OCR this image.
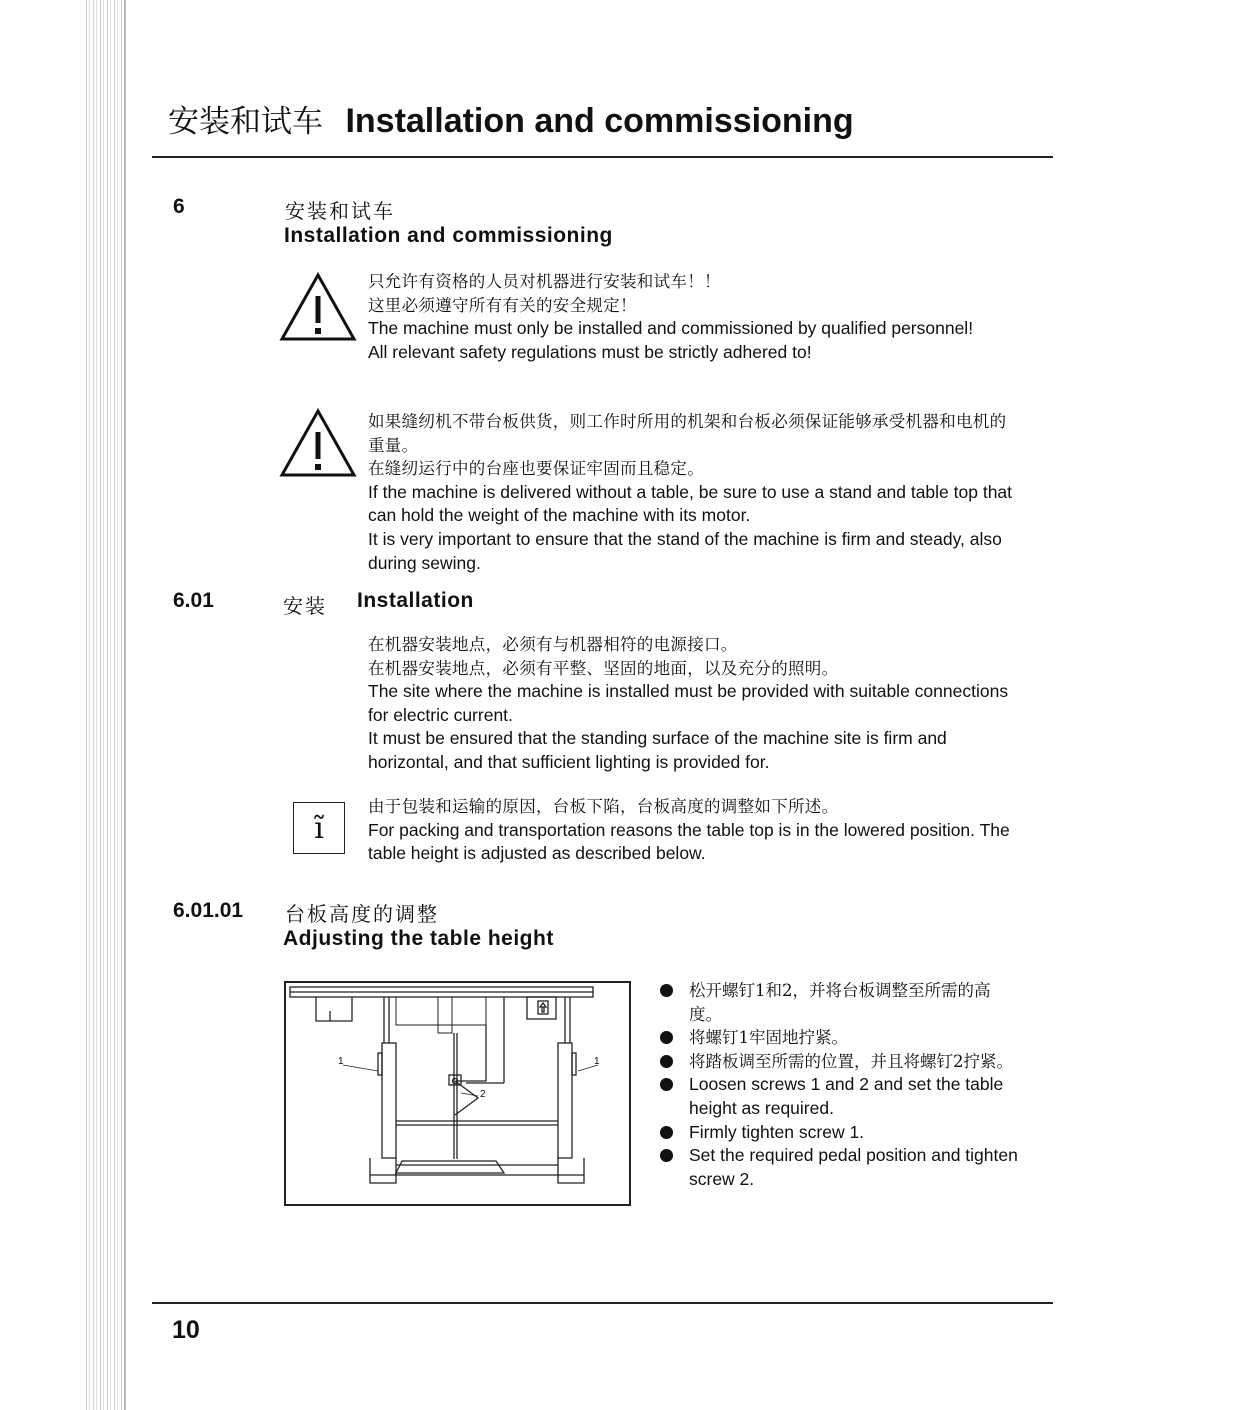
安装和试车 Installation and commissioning
6	安装和试车
Installation and commissioning
只允许有资格的人员对机器进行安装和试车！！
这里必须遵守所有有关的安全规定！
The machine must only be installed and commissioned by qualified personnel!
All relevant safety regulations must be strictly adhered to!
如果缝纫机不带台板供货，则工作时所用的机架和台板必须保证能够承受机器和电机的重量。
在缝纫运行中的台座也要保证牢固而且稳定。
If the machine is delivered without a table, be sure to use a stand and table top that can hold the weight of the machine with its motor.
It is very important to ensure that the stand of the machine is firm and steady, also during sewing.
6.01	安装 Installation
在机器安装地点，必须有与机器相符的电源接口。
在机器安装地点，必须有平整、坚固的地面，以及充分的照明。
The site where the machine is installed must be provided with suitable connections for electric current.
It must be ensured that the standing surface of the machine site is firm and horizontal, and that sufficient lighting is provided for.
ĩ
由于包装和运输的原因，台板下陷，台板高度的调整如下所述。
For packing and transportation reasons the table top is in the lowered position. The table height is adjusted as described below.
6.01.01 台板高度的调整
Adjusting the table height
1	1
2
松开螺钉1和2，并将台板调整至所需的高度。
将螺钉1牢固地拧紧。
将踏板调至所需的位置，并且将螺钉2拧紧。
Loosen screws 1 and 2 and set the table height as required.
Firmly tighten screw 1.
Set the required pedal position and tighten screw 2.
10
